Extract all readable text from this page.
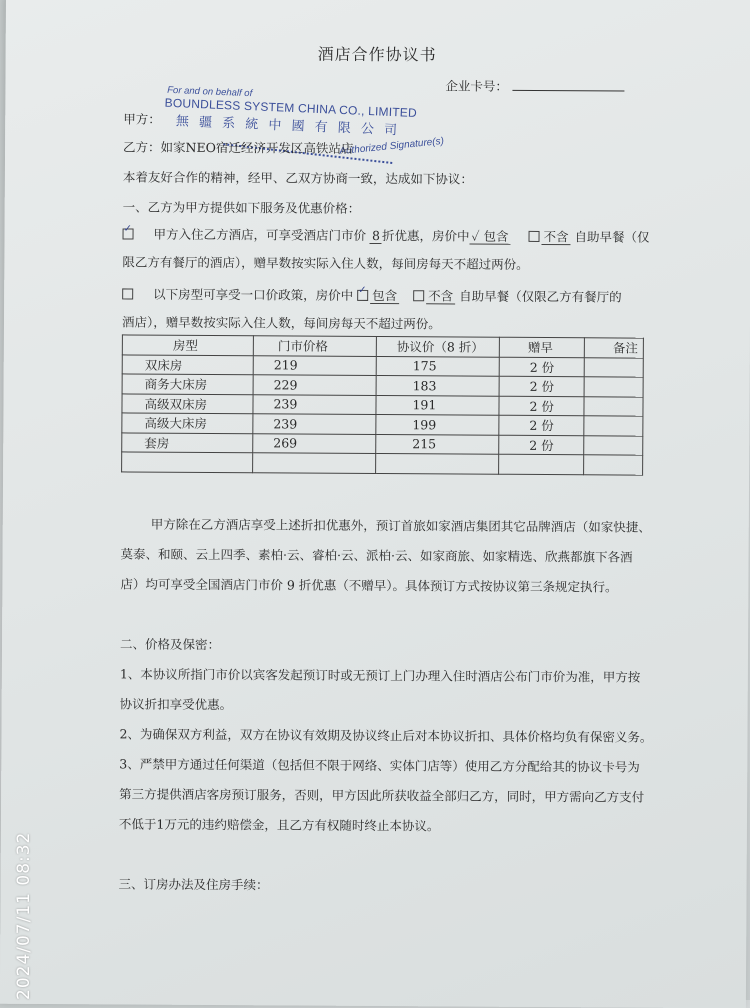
酒店合作协议书
企业卡号：
甲方：
For and on behalf of
BOUNDLESS SYSTEM CHINA CO., LIMITED
無 疆 系 統 中 國 有 限 公 司
Authorized Signature(s)
乙方：如家NEO宿迁经济开发区高铁站店
本着友好合作的精神，经甲、乙双方协商一致，达成如下协议：
一、乙方为甲方提供如下服务及优惠价格：
✓ 甲方入住乙方酒店，可享受酒店门市价 8 折优惠，房价中 ✓ 包含	不含 自助早餐（仅
限乙方有餐厅的酒店），赠早数按实际入住人数，每间房每天不超过两份。
以下房型可享受一口价政策，房价中 ✓ 包含 不含 自助早餐（仅限乙方有餐厅的
酒店），赠早数按实际入住人数，每间房每天不超过两份。
房型	门市价格	协议价（8 折）	赠早	备注
双床房	219	175	2 份	
商务大床房	229	183	2 份	
高级双床房	239	191	2 份	
高级大床房	239	199	2 份	
套房	269	215	2 份	

甲方除在乙方酒店享受上述折扣优惠外，预订首旅如家酒店集团其它品牌酒店（如家快捷、
莫泰、和颐、云上四季、素柏·云、睿柏·云、派柏·云、如家商旅、如家精选、欣燕都旗下各酒
店）均可享受全国酒店门市价 9 折优惠（不赠早）。具体预订方式按协议第三条规定执行。
二、价格及保密：
1、本协议所指门市价以宾客发起预订时或无预订上门办理入住时酒店公布门市价为准，甲方按
协议折扣享受优惠。
2、为确保双方利益，双方在协议有效期及协议终止后对本协议折扣、具体价格均负有保密义务。
3、严禁甲方通过任何渠道（包括但不限于网络、实体门店等）使用乙方分配给其的协议卡号为
第三方提供酒店客房预订服务，否则，甲方因此所获收益全部归乙方，同时，甲方需向乙方支付
不低于1万元的违约赔偿金，且乙方有权随时终止本协议。
三、订房办法及住房手续：
2024/07/11 08:32
